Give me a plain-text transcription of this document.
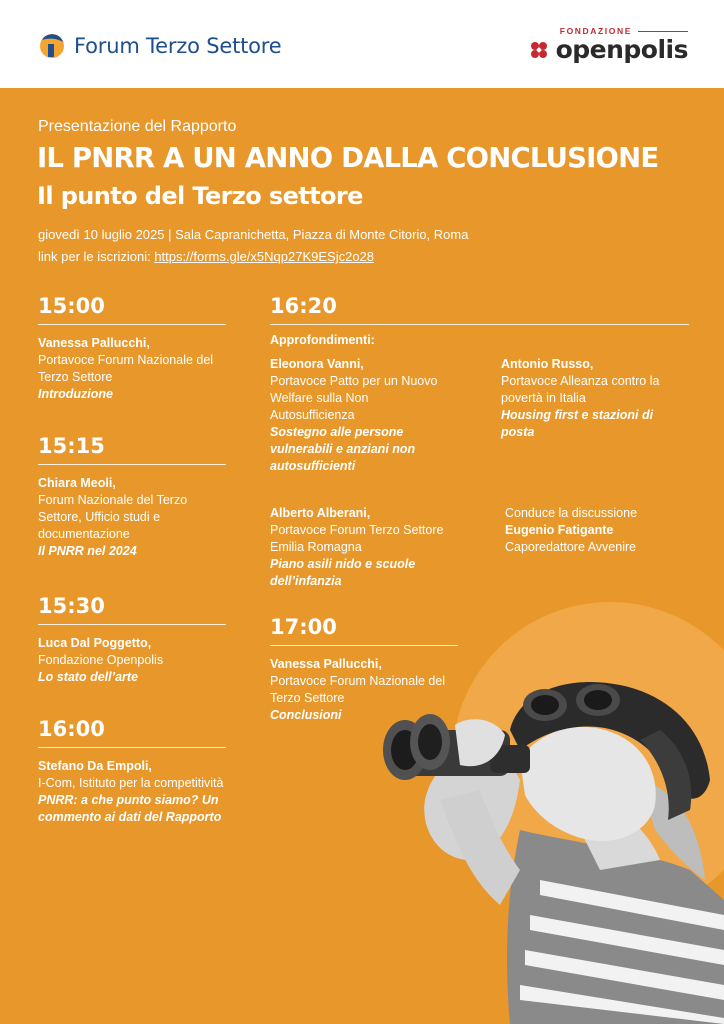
Forum Terzo Settore
FONDAZIONE
openpolis
Presentazione del Rapporto
IL PNRR A UN ANNO DALLA CONCLUSIONE
Il punto del Terzo settore
giovedì 10 luglio 2025 | Sala Capranichetta, Piazza di Monte Citorio, Roma
link per le iscrizioni: https://forms.gle/x5Nqp27K9ESjc2o28
15:00
Vanessa Pallucchi,
Portavoce Forum Nazionale del Terzo Settore
Introduzione
15:15
Chiara Meoli,
Forum Nazionale del Terzo Settore, Ufficio studi e documentazione
Il PNRR nel 2024
15:30
Luca Dal Poggetto,
Fondazione Openpolis
Lo stato dell’arte
16:00
Stefano Da Empoli,
I-Com, Istituto per la competitività
PNRR: a che punto siamo? Un commento ai dati del Rapporto
16:20
Approfondimenti:
Eleonora Vanni,
Portavoce Patto per un Nuovo Welfare sulla Non Autosufficienza
Sostegno alle persone vulnerabili e anziani non autosufficienti
Antonio Russo,
Portavoce Alleanza contro la povertà in Italia
Housing first e stazioni di posta
Alberto Alberani,
Portavoce Forum Terzo Settore Emilia Romagna
Piano asili nido e scuole dell’infanzia
Conduce la discussione
Eugenio Fatigante
Caporedattore Avvenire
17:00
Vanessa Pallucchi,
Portavoce Forum Nazionale del Terzo Settore
Conclusioni
